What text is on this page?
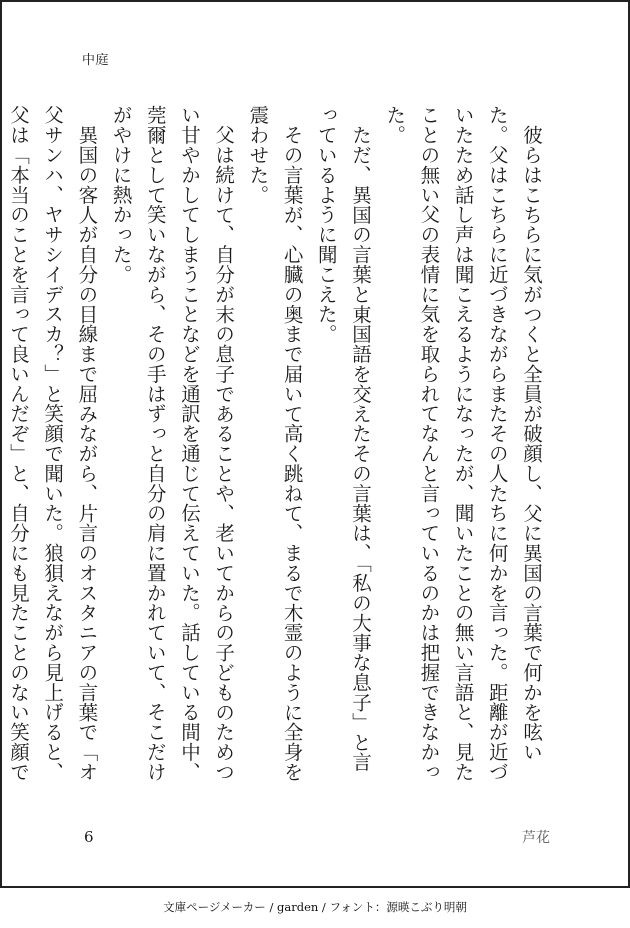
中庭

彼らはこちらに気がつくと全員が破顔し、父に異国の言葉で何かを呟いた。父はこちらに近づきながらまたその人たちに何かを言った。距離が近づいたため話し声は聞こえるようになったが、聞いたことの無い言語と、見たことの無い父の表情に気を取られてなんと言っているのかは把握できなかった。

ただ、異国の言葉と東国語を交えたその言葉は、「私の大事な息子」と言っているように聞こえた。

その言葉が、心臓の奥まで届いて高く跳ねて、まるで木霊のように全身を震わせた。

父は続けて、自分が末の息子であることや、老いてからの子どものためつい甘やかしてしまうことなどを通訳を通じて伝えていた。話している間中、莞爾として笑いながら、その手はずっと自分の肩に置かれていて、そこだけがやけに熱かった。

異国の客人が自分の目線まで屈みながら、片言のオスタニアの言葉で「オ父サンハ、ヤサシイデスカ？」と笑顔で聞いた。狼狽えながら見上げると、父は「本当のことを言って良いんだぞ」と、自分にも見たことのない笑顔で

6	芦花
文庫ページメーカー / garden / フォント：源暎こぶり明朝
